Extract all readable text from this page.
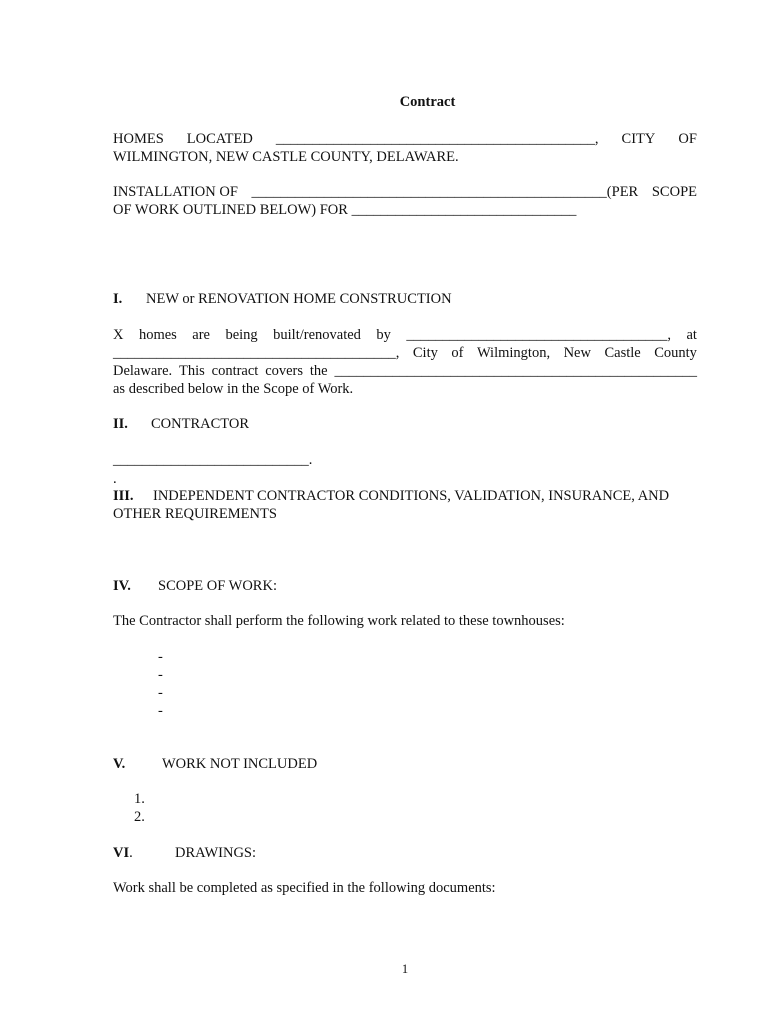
Contract
HOMES LOCATED ____________________________________________, CITY OF
WILMINGTON, NEW CASTLE COUNTY, DELAWARE.
INSTALLATION OF _________________________________________________(PER SCOPE
OF WORK OUTLINED BELOW) FOR _______________________________
I. NEW or RENOVATION HOME CONSTRUCTION
X homes are being built/renovated by ____________________________________, at
_______________________________________, City of Wilmington, New Castle County
Delaware. This contract covers the __________________________________________________
as described below in the Scope of Work.
II. CONTRACTOR
___________________________.
.
III. INDEPENDENT CONTRACTOR CONDITIONS, VALIDATION, INSURANCE, AND
OTHER REQUIREMENTS
IV. SCOPE OF WORK:
The Contractor shall perform the following work related to these townhouses:
-
-
-
-
V.	WORK NOT INCLUDED
1.
2.
VI.	DRAWINGS:
Work shall be completed as specified in the following documents:
1
